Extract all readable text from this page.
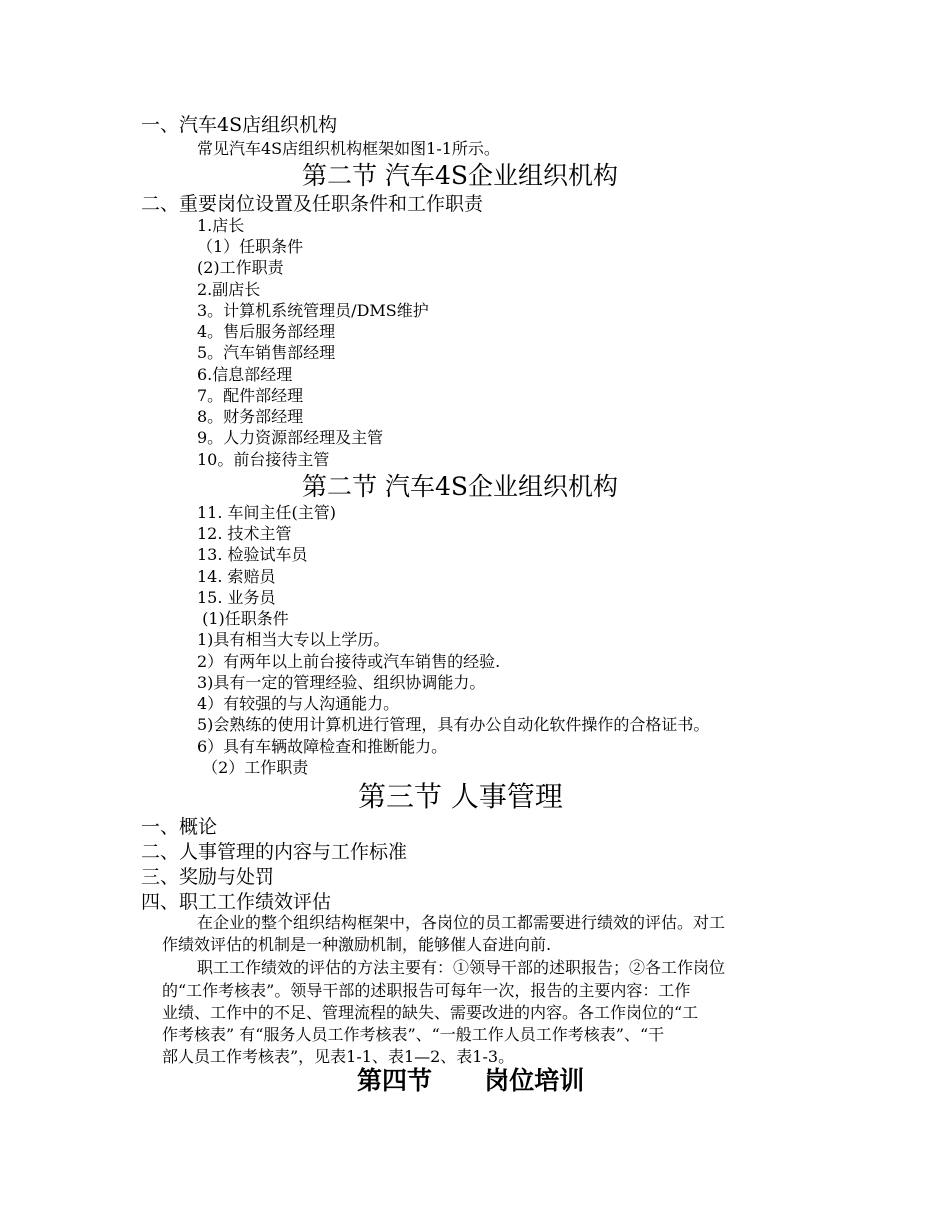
一、汽车4S店组织机构
常见汽车4S店组织机构框架如图1-1所示。
第二节 汽车4S企业组织机构
二、重要岗位设置及任职条件和工作职责
1.店长
（1）任职条件
(2)工作职责
2.副店长
3。计算机系统管理员/DMS维护
4。售后服务部经理
5。汽车销售部经理
6.信息部经理
7。配件部经理
8。财务部经理
9。人力资源部经理及主管
10。前台接待主管
第二节 汽车4S企业组织机构
11. 车间主任(主管)
12. 技术主管
13. 检验试车员
14. 索赔员
15. 业务员
(1)任职条件
1)具有相当大专以上学历。
2）有两年以上前台接待或汽车销售的经验.
3)具有一定的管理经验、组织协调能力。
4）有较强的与人沟通能力。
5)会熟练的使用计算机进行管理，具有办公自动化软件操作的合格证书。
6）具有车辆故障检查和推断能力。
（2）工作职责
第三节 人事管理
一、概论
二、人事管理的内容与工作标准
三、奖励与处罚
四、职工工作绩效评估
在企业的整个组织结构框架中，各岗位的员工都需要进行绩效的评估。对工
作绩效评估的机制是一种激励机制，能够催人奋进向前.
职工工作绩效的评估的方法主要有：①领导干部的述职报告；②各工作岗位
的“工作考核表”。领导干部的述职报告可每年一次，报告的主要内容：工作
业绩、工作中的不足、管理流程的缺失、需要改进的内容。各工作岗位的“工
作考核表” 有“服务人员工作考核表”、“一般工作人员工作考核表”、“干
部人员工作考核表”，见表1-1、表1—2、表1-3。
第四节      岗位培训
